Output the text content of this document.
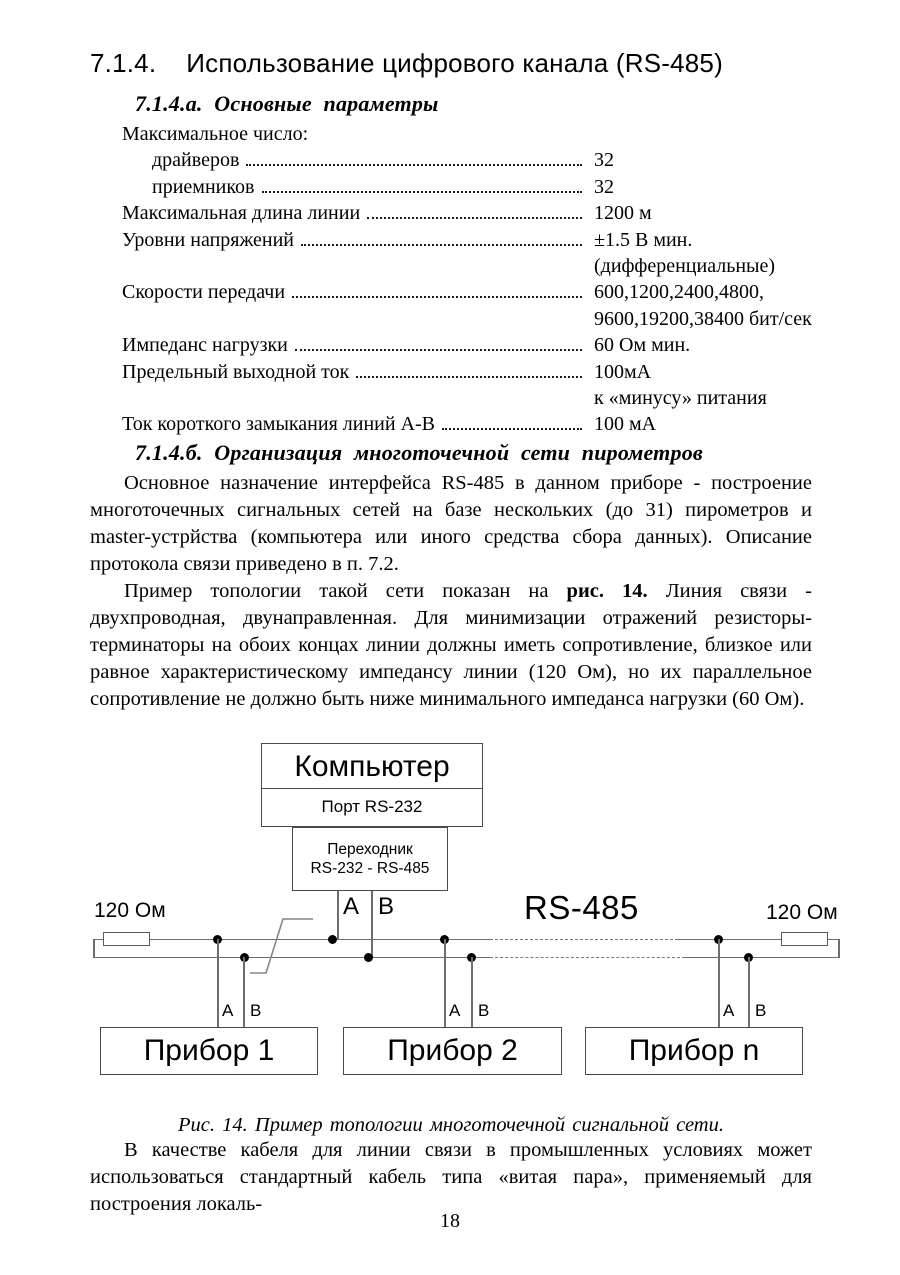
7.1.4. Использование цифрового канала (RS-485)
7.1.4.а. Основные параметры
Максимальное число:
драйверов	32
приемников	32
Максимальная длина линии	1200 м
Уровни напряжений	±1.5 В мин.
(дифференциальные)
Скорости передачи	600,1200,2400,4800,
9600,19200,38400 бит/сек
Импеданс нагрузки	60 Ом мин.
Предельный выходной ток	100мА
к «минусу» питания
Ток короткого замыкания линий А-В	100 мА
7.1.4.б. Организация многоточечной сети пирометров

Основное назначение интерфейса RS-485 в данном приборе - построение многоточечных сигнальных сетей на базе нескольких (до 31) пирометров и master-устрйства (компьютера или иного средства сбора данных). Описание протокола связи приведено в п. 7.2.

Пример топологии такой сети показан на рис. 14. Линия связи - двухпроводная, двунаправленная. Для минимизации отражений резисторы-терминаторы на обоих концах линии должны иметь сопротивление, близкое или равное характеристическому импедансу линии (120 Ом), но их параллельное сопротивление не должно быть ниже минимального импеданса нагрузки (60 Ом).

Компьютер
Порт RS-232
Переходник
RS-232 - RS-485
A B	RS-485
120 Ом	120 Ом
A B	A B	A B
Прибор 1	Прибор 2	Прибор n
Рис. 14. Пример топологии многоточечной сигнальной сети.

В качестве кабеля для линии связи в промышленных условиях может использоваться стандартный кабель типа «витая пара», применяемый для построения локаль-

18
